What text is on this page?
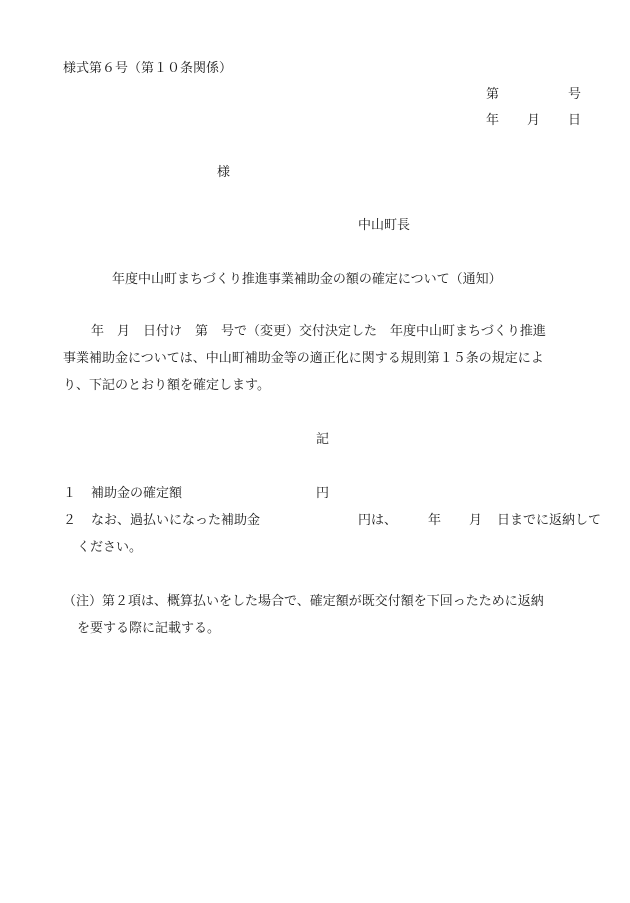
様式第６号（第１０条関係）
第	号
年 月 日
様
中山町長
年度中山町まちづくり推進事業補助金の額の確定について（通知）
年　月　日付け　第　号で（変更）交付決定した　年度中山町まちづくり推進
事業補助金については、中山町補助金等の適正化に関する規則第１５条の規定によ
り、下記のとおり額を確定します。
記
１ 補助金の確定額	円
２ なお、過払いになった補助金	円は、 年 月 日までに返納して
ください。
（注）第２項は、概算払いをした場合で、確定額が既交付額を下回ったために返納
を要する際に記載する。
